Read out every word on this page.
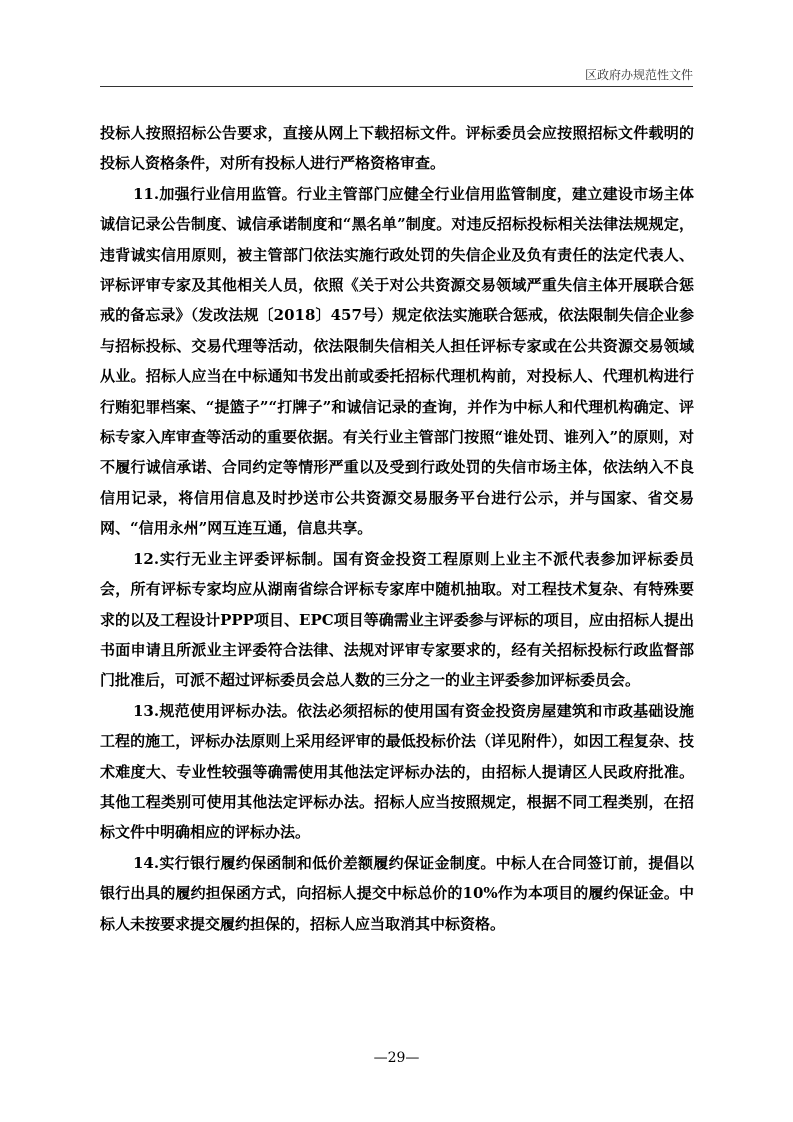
区政府办规范性文件

投标人按照招标公告要求，直接从网上下载招标文件。评标委员会应按照招标文件载明的投标人资格条件，对所有投标人进行严格资格审查。

11.加强行业信用监管。行业主管部门应健全行业信用监管制度，建立建设市场主体诚信记录公告制度、诚信承诺制度和“黑名单”制度。对违反招标投标相关法律法规规定，违背诚实信用原则，被主管部门依法实施行政处罚的失信企业及负有责任的法定代表人、评标评审专家及其他相关人员，依照《关于对公共资源交易领域严重失信主体开展联合惩戒的备忘录》（发改法规〔2018〕457号）规定依法实施联合惩戒，依法限制失信企业参与招标投标、交易代理等活动，依法限制失信相关人担任评标专家或在公共资源交易领域从业。招标人应当在中标通知书发出前或委托招标代理机构前，对投标人、代理机构进行行贿犯罪档案、“提篮子”“打牌子”和诚信记录的查询，并作为中标人和代理机构确定、评标专家入库审查等活动的重要依据。有关行业主管部门按照“谁处罚、谁列入”的原则，对不履行诚信承诺、合同约定等情形严重以及受到行政处罚的失信市场主体，依法纳入不良信用记录，将信用信息及时抄送市公共资源交易服务平台进行公示，并与国家、省交易网、“信用永州”网互连互通，信息共享。

12.实行无业主评委评标制。国有资金投资工程原则上业主不派代表参加评标委员会，所有评标专家均应从湖南省综合评标专家库中随机抽取。对工程技术复杂、有特殊要求的以及工程设计PPP项目、EPC项目等确需业主评委参与评标的项目，应由招标人提出书面申请且所派业主评委符合法律、法规对评审专家要求的，经有关招标投标行政监督部门批准后，可派不超过评标委员会总人数的三分之一的业主评委参加评标委员会。

13.规范使用评标办法。依法必须招标的使用国有资金投资房屋建筑和市政基础设施工程的施工，评标办法原则上采用经评审的最低投标价法（详见附件），如因工程复杂、技术难度大、专业性较强等确需使用其他法定评标办法的，由招标人提请区人民政府批准。其他工程类别可使用其他法定评标办法。招标人应当按照规定，根据不同工程类别，在招标文件中明确相应的评标办法。

14.实行银行履约保函制和低价差额履约保证金制度。中标人在合同签订前，提倡以银行出具的履约担保函方式，向招标人提交中标总价的10%作为本项目的履约保证金。中标人未按要求提交履约担保的，招标人应当取消其中标资格。

—29—
